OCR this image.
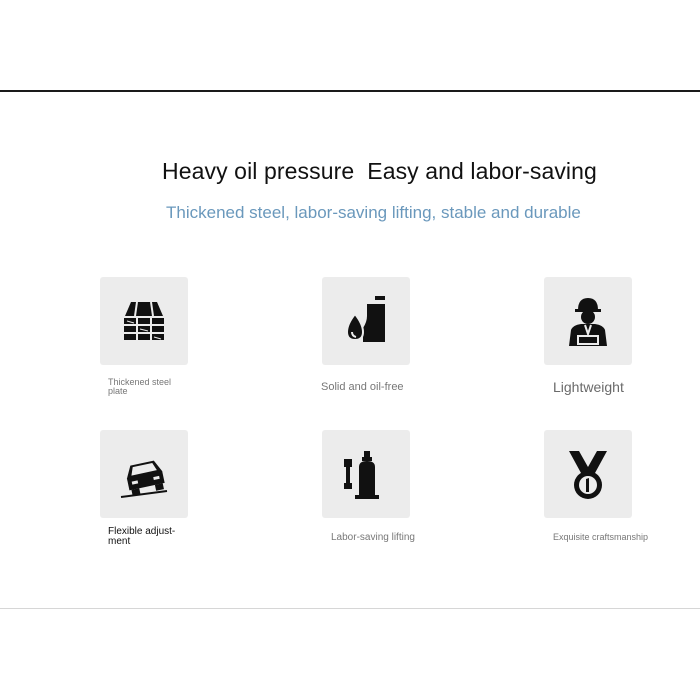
Heavy oil pressure  Easy and labor-saving
Thickened steel, labor-saving lifting, stable and durable
Thickened steel
plate	Solid and oil-free	Lightweight
Flexible adjust-
ment	Labor-saving lifting	Exquisite craftsmanship
